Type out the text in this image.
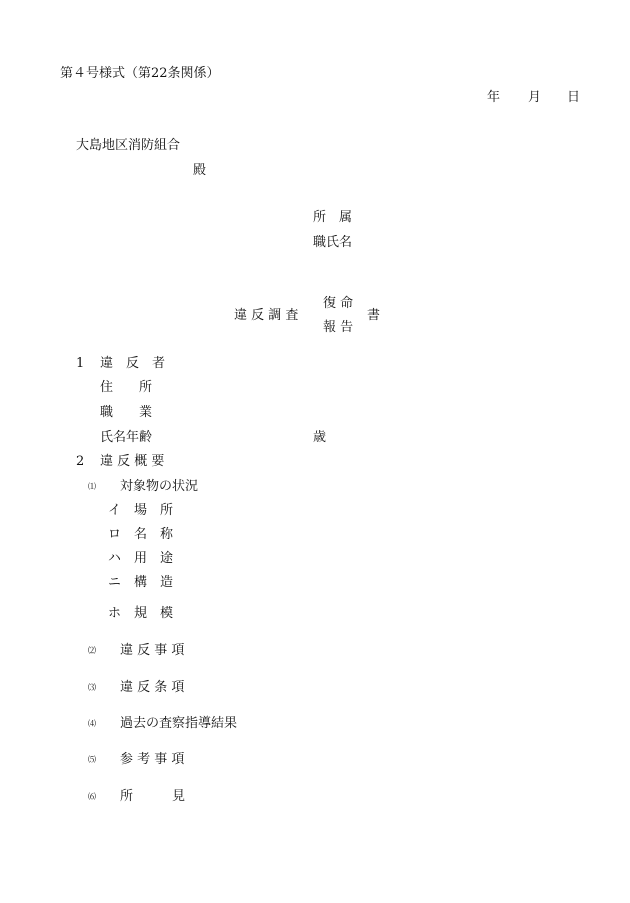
第４号様式（第22条関係）
年 月 日
大島地区消防組合
殿
所　属
職氏名
違 反 調 査
復 命
報 告
書
1 違　反　者
住　　所
職　　業
氏名年齢	歳
2 違 反 概 要
⑴ 対象物の状況
イ　場　所
ロ　名　称
ハ　用　途
ニ　構　造
ホ　規　模
⑵ 違 反 事 項
⑶ 違 反 条 項
⑷ 過去の査察指導結果
⑸ 参 考 事 項
⑹ 所　　　見
